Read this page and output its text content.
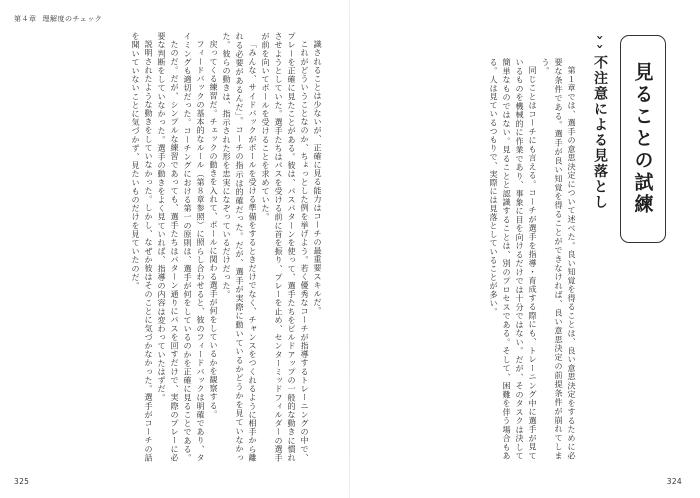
第４章 理解度のチェック

識されることは少ないが、正確に見る能力はコーチの最重要スキルだ。

これがどういうことなのか、ちょっとした例を挙げよう。若く優秀なコーチが指導するトレーニングの中で、プレーを正確に見たことがある。彼は、パスパターンを使って、選手たちをビルドアップの一般的な動きに慣れさせようとしていた。選手たちはパスを受ける前に首を振り、プレーを止め、センターミッドフィルダーの選手が前を向いてボールを受けることを求めていた。

「みんな、サイドバックがボールを受ける準備をするときだけでなく、チャンスをつくれるように相手から離れる必要があるんだ」。コーチの指示は的確だった。だが、選手が実際に動いているかどうかを見ていなかった。彼らの動きは、指示された形を忠実になぞっているだけだった。

戻ってくる練習だ。チェックの動きを入れて、ボールに関わる選手が何をしているかを観察する。

フィードバックの基本的なルール（第８章参照）に照らし合わせると、彼のフィードバックは明確であり、タイミングも適切だった。コーチングにおける第一の原則は、選手が何をしているのかを正確に見ることである。

たのだ。だが、シンプルな練習であっても、選手たちはパターン通りにパスを回すだけで、実際のプレーに必要な判断をしていなかった。選手の動きをよく見ていれば、指導の内容は変わっていたはずだ。

説明されたような動きをしていなかった。しかし、なぜか彼はそのことに気づかなかった。選手がコーチの話を聞いていないことに気づかず、見たいものだけを見ていたのだ。	第１章では、選手の意思決定について述べた。良い知覚を得ることは、良い意思決定をするために必要な条件である。選手が良い知覚を得ることができなければ、良い意思決定の前提条件が崩れてしまう。

同じことはコーチにも言える。コーチが選手を指導・育成する際にも、トレーニング中に選手が見ているものを機械的に作業であり、事象に目を向けるだけでは十分ではない。だが、そのタスクは決して簡単なものではない。見ることと認識することは、別のプロセスである。そして、困難を伴う場合もある。人は見ているつもりで、実際には見落としていることが多い。

›
›
不注意による見落とし 見ることの試練
325	324
